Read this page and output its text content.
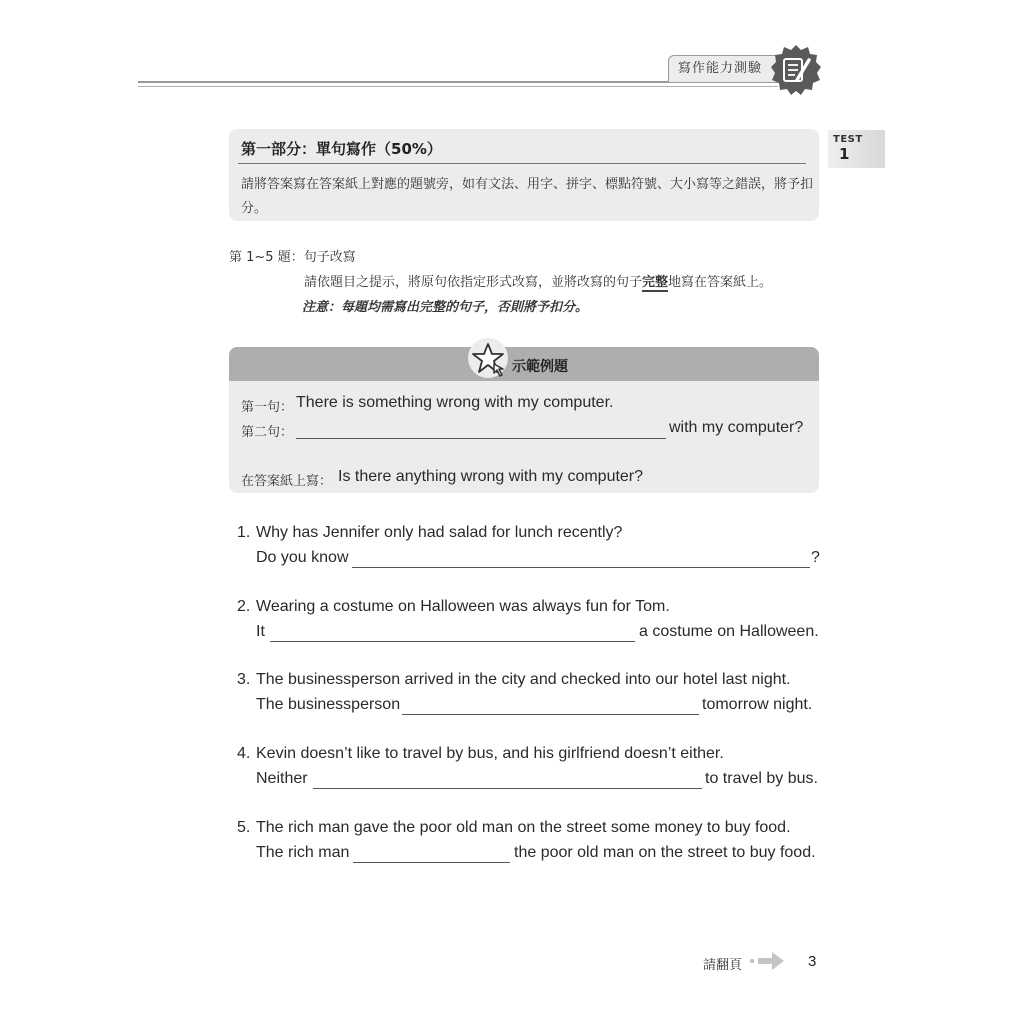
寫作能力測驗
TEST
1
第一部分：單句寫作（50%）
請將答案寫在答案紙上對應的題號旁，如有文法、用字、拼字、標點符號、大小寫等之錯誤，將予扣分。
第 1~5 題：句子改寫
請依題目之提示，將原句依指定形式改寫，並將改寫的句子完整地寫在答案紙上。
注意：每題均需寫出完整的句子，否則將予扣分。
示範例題
第一句： There is something wrong with my computer.
第二句：	with my computer?
在答案紙上寫： Is there anything wrong with my computer?
1. Why has Jennifer only had salad for lunch recently?
Do you know	?
2. Wearing a costume on Halloween was always fun for Tom.
It	a costume on Halloween.
3. The businessperson arrived in the city and checked into our hotel last night.
The businessperson	tomorrow night.
4. Kevin doesn’t like to travel by bus, and his girlfriend doesn’t either.
Neither	to travel by bus.
5. The rich man gave the poor old man on the street some money to buy food.
The rich man	the poor old man on the street to buy food.
請翻頁	3
